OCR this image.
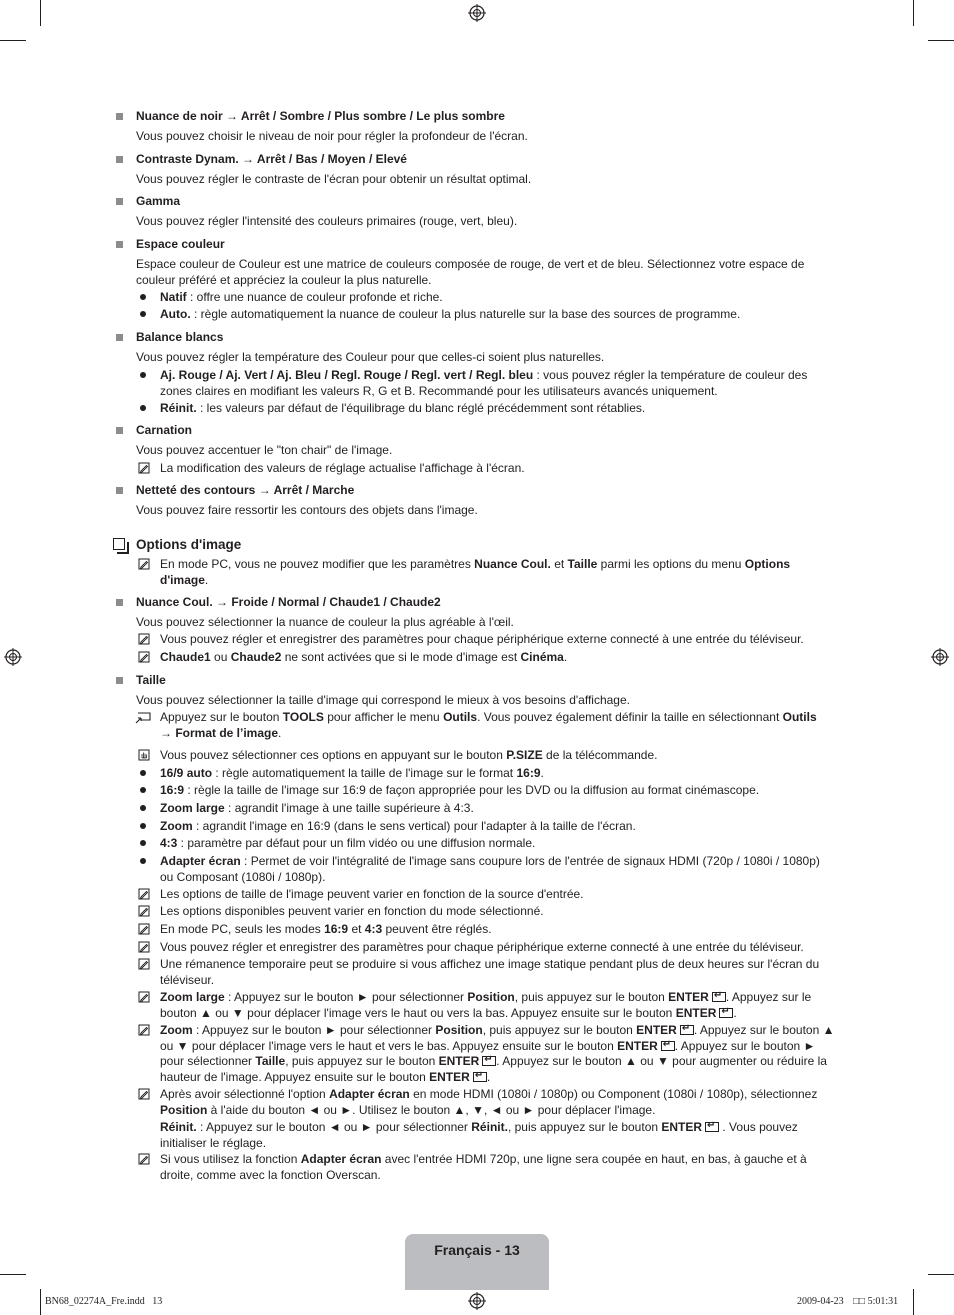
Nuance de noir → Arrêt / Sombre / Plus sombre / Le plus sombre
Vous pouvez choisir le niveau de noir pour régler la profondeur de l'écran.
Contraste Dynam. → Arrêt / Bas / Moyen / Elevé
Vous pouvez régler le contraste de l'écran pour obtenir un résultat optimal.
Gamma
Vous pouvez régler l'intensité des couleurs primaires (rouge, vert, bleu).
Espace couleur
Espace couleur de Couleur est une matrice de couleurs composée de rouge, de vert et de bleu. Sélectionnez votre espace de couleur préféré et appréciez la couleur la plus naturelle.
Natif : offre une nuance de couleur profonde et riche.
Auto. : règle automatiquement la nuance de couleur la plus naturelle sur la base des sources de programme.
Balance blancs
Vous pouvez régler la température des Couleur pour que celles-ci soient plus naturelles.
Aj. Rouge / Aj. Vert / Aj. Bleu / Regl. Rouge / Regl. vert / Regl. bleu : vous pouvez régler la température de couleur des zones claires en modifiant les valeurs R, G et B. Recommandé pour les utilisateurs avancés uniquement.
Réinit. : les valeurs par défaut de l'équilibrage du blanc réglé précédemment sont rétablies.
Carnation
Vous pouvez accentuer le "ton chair" de l'image.
La modification des valeurs de réglage actualise l'affichage à l'écran.
Netteté des contours → Arrêt / Marche
Vous pouvez faire ressortir les contours des objets dans l'image.
Options d'image
En mode PC, vous ne pouvez modifier que les paramètres Nuance Coul. et Taille parmi les options du menu Options d'image.
Nuance Coul. → Froide / Normal / Chaude1 / Chaude2
Vous pouvez sélectionner la nuance de couleur la plus agréable à l'œil.
Vous pouvez régler et enregistrer des paramètres pour chaque périphérique externe connecté à une entrée du téléviseur.
Chaude1 ou Chaude2 ne sont activées que si le mode d'image est Cinéma.
Taille
Vous pouvez sélectionner la taille d'image qui correspond le mieux à vos besoins d'affichage.
Appuyez sur le bouton TOOLS pour afficher le menu Outils. Vous pouvez également définir la taille en sélectionnant Outils
→ Format de l’image.
Vous pouvez sélectionner ces options en appuyant sur le bouton P.SIZE de la télécommande.
16/9 auto : règle automatiquement la taille de l'image sur le format 16:9.
16:9 : règle la taille de l'image sur 16:9 de façon appropriée pour les DVD ou la diffusion au format cinémascope.
Zoom large : agrandit l'image à une taille supérieure à 4:3.
Zoom : agrandit l'image en 16:9 (dans le sens vertical) pour l'adapter à la taille de l'écran.
4:3 : paramètre par défaut pour un film vidéo ou une diffusion normale.
Adapter écran : Permet de voir l'intégralité de l'image sans coupure lors de l'entrée de signaux HDMI (720p / 1080i / 1080p) ou Composant (1080i / 1080p).
Les options de taille de l'image peuvent varier en fonction de la source d'entrée.
Les options disponibles peuvent varier en fonction du mode sélectionné.
En mode PC, seuls les modes 16:9 et 4:3 peuvent être réglés.
Vous pouvez régler et enregistrer des paramètres pour chaque périphérique externe connecté à une entrée du téléviseur.
Une rémanence temporaire peut se produire si vous affichez une image statique pendant plus de deux heures sur l'écran du téléviseur.
Zoom large : Appuyez sur le bouton ► pour sélectionner Position, puis appuyez sur le bouton ENTER ↵ . Appuyez sur le bouton ▲ ou ▼ pour déplacer l'image vers le haut ou vers la bas. Appuyez ensuite sur le bouton ENTER ↵ .
Zoom : Appuyez sur le bouton ► pour sélectionner Position, puis appuyez sur le bouton ENTER ↵ . Appuyez sur le bouton ▲ ou ▼ pour déplacer l'image vers le haut et vers le bas. Appuyez ensuite sur le bouton ENTER ↵ . Appuyez sur le bouton ► pour sélectionner Taille, puis appuyez sur le bouton ENTER ↵ . Appuyez sur le bouton ▲ ou ▼ pour augmenter ou réduire la hauteur de l'image. Appuyez ensuite sur le bouton ENTER ↵ .
Après avoir sélectionné l'option Adapter écran en mode HDMI (1080i / 1080p) ou Component (1080i / 1080p), sélectionnez Position à l'aide du bouton ◄ ou ►. Utilisez le bouton ▲, ▼, ◄ ou ► pour déplacer l'image.
Réinit. : Appuyez sur le bouton ◄ ou ► pour sélectionner Réinit., puis appuyez sur le bouton ENTER↵ . Vous pouvez initialiser le réglage.
Si vous utilisez la fonction Adapter écran avec l'entrée HDMI 720p, une ligne sera coupée en haut, en bas, à gauche et à droite, comme avec la fonction Overscan.
Français - 13
BN68_02274A_Fre.indd   13	2009-04-23 □□ 5:01:31
